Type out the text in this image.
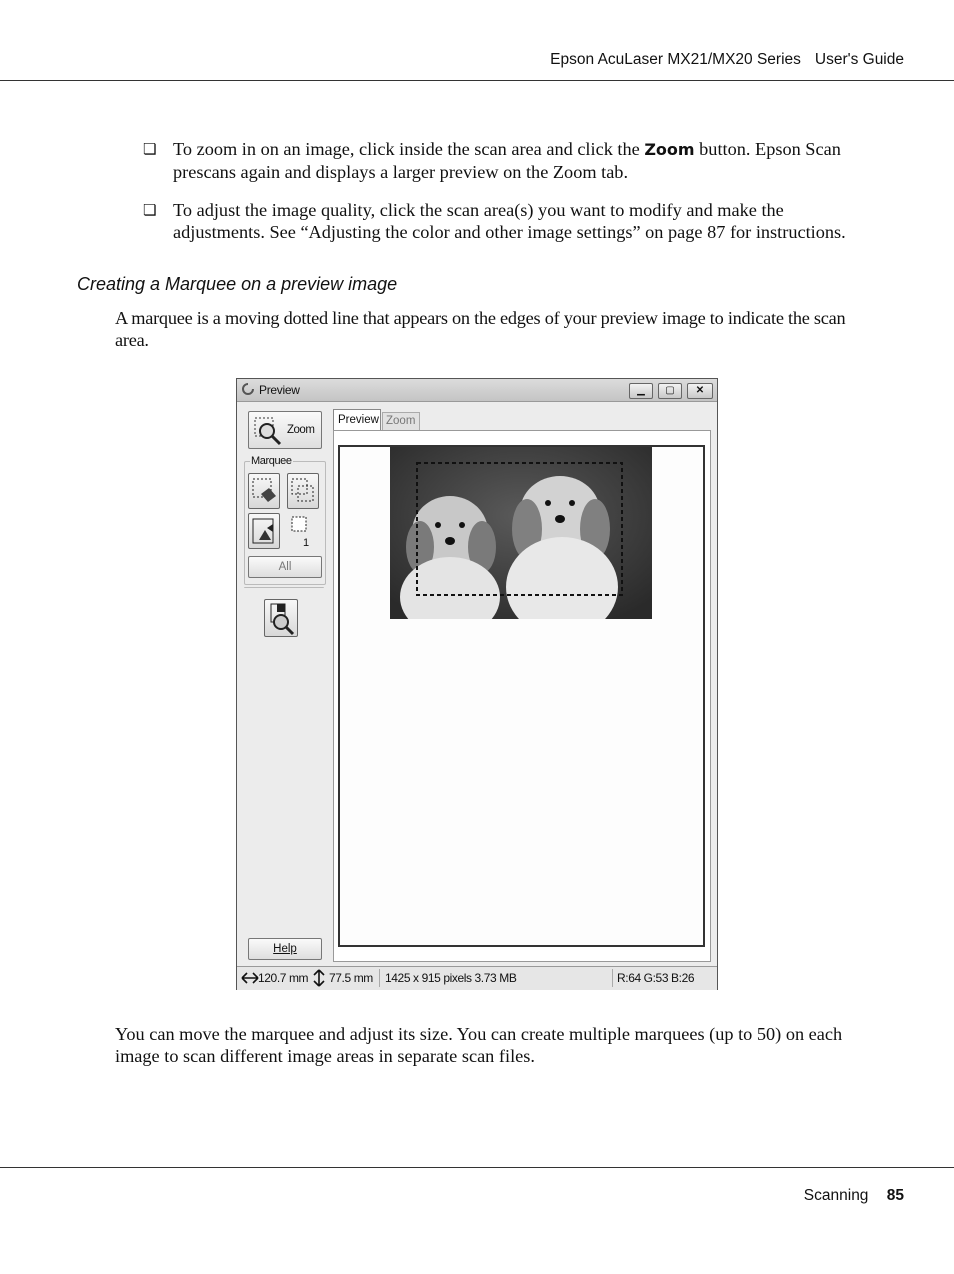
Epson AcuLaser MX21/MX20 Series User's Guide
❏ To zoom in on an image, click inside the scan area and click the Zoom button. Epson Scan
prescans again and displays a larger preview on the Zoom tab.
❏ To adjust the image quality, click the scan area(s) you want to modify and make the
adjustments. See “Adjusting the color and other image settings” on page 87 for instructions.
Creating a Marquee on a preview image
A marquee is a moving dotted line that appears on the edges of your preview image to indicate the scan
area.
Preview	▁	▢	✕
Zoom
Marquee
1
All
Help
Preview Zoom
120.7 mm 77.5 mm 1425 x 915 pixels 3.73 MB	R:64 G:53 B:26
You can move the marquee and adjust its size. You can create multiple marquees (up to 50) on each
image to scan different image areas in separate scan files.
Scanning 85
